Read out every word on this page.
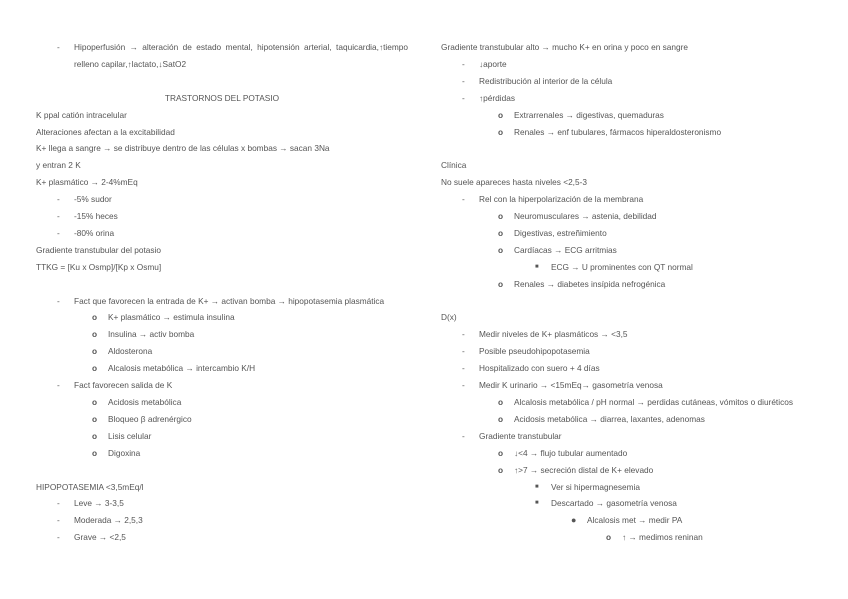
- Hipoperfusión → alteración de estado mental, hipotensión arterial, taquicardia,↑tiempo relleno capilar,↑lactato,↓SatO2
TRASTORNOS DEL POTASIO
K ppal catión intracelular
Alteraciones afectan a la excitabilidad
K+ llega a sangre → se distribuye dentro de las células x bombas → sacan 3Na
y entran 2 K
K+ plasmático → 2-4%mEq
- -5% sudor
- -15% heces
- -80% orina
Gradiente transtubular del potasio
TTKG = [Ku x Osmp]/[Kp x Osmu]
- Fact que favorecen la entrada de K+ → activan bomba → hipopotasemia plasmática
o K+ plasmático → estimula insulina
o Insulina → activ bomba
o Aldosterona
o Alcalosis metabólica → intercambio K/H
- Fact favorecen salida de K
o Acidosis metabólica
o Bloqueo β adrenérgico
o Lisis celular
o Digoxina
HIPOPOTASEMIA <3,5mEq/l
- Leve → 3-3,5
- Moderada → 2,5,3
- Grave → <2,5
Gradiente transtubular alto → mucho K+ en orina y poco en sangre
- ↓aporte
- Redistribución al interior de la célula
- ↑pérdidas
o Extrarrenales → digestivas, quemaduras
o Renales → enf tubulares, fármacos hiperaldosteronismo
Clínica
No suele apareces hasta niveles <2,5-3
- Rel con la hiperpolarización de la membrana
o Neuromusculares → astenia, debilidad
o Digestivas, estreñimiento
o Cardíacas → ECG arritmias
■ ECG → U prominentes con QT normal
o Renales → diabetes insípida nefrogénica
D(x)
- Medir niveles de K+ plasmáticos → <3,5
- Posible pseudohipopotasemia
- Hospitalizado con suero + 4 días
- Medir K urinario → <15mEq→ gasometría venosa
o Alcalosis metabólica / pH normal → perdidas cutáneas, vómitos o diuréticos
o Acidosis metabólica → diarrea, laxantes, adenomas
- Gradiente transtubular
o ↓<4 → flujo tubular aumentado
o ↑>7 → secreción distal de K+ elevado
■ Ver si hipermagnesemia
■ Descartado → gasometría venosa
● Alcalosis met → medir PA
o ↑ → medimos reninan
